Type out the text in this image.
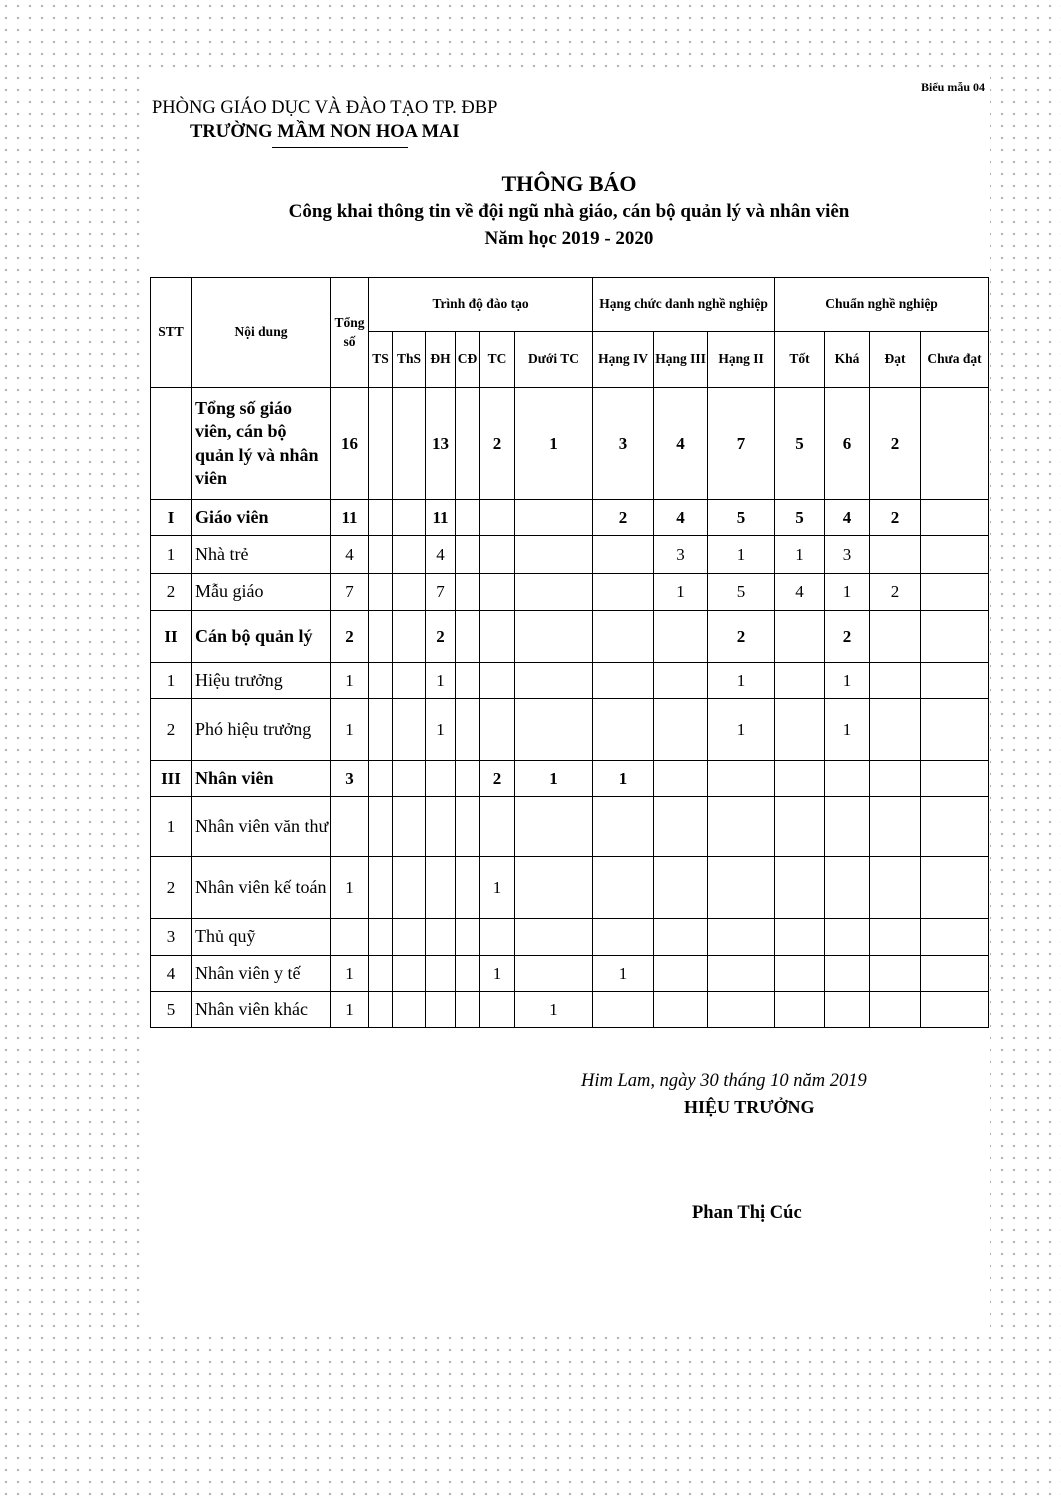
Biểu mẫu 04
PHÒNG GIÁO DỤC VÀ ĐÀO TẠO TP. ĐBP
TRƯỜNG MẦM NON HOA MAI
THÔNG BÁO
Công khai thông tin về đội ngũ nhà giáo, cán bộ quản lý và nhân viên
Năm học 2019 - 2020
STT	Nội dung	Tổng số	Trình độ đào tạo						Hạng chức danh nghề nghiệp			Chuẩn nghề nghiệp			
			TS	ThS	ĐH	CĐ	TC	Dưới TC	Hạng IV	Hạng III	Hạng II	Tốt	Khá	Đạt	Chưa đạt
	Tổng số giáo viên, cán bộ quản lý và nhân viên	16			13		2	1	3	4	7	5	6	2	
I	Giáo viên	11			11				2	4	5	5	4	2	
1	Nhà trẻ	4			4					3	1	1	3		
2	Mẫu giáo	7			7					1	5	4	1	2	
II	Cán bộ quản lý	2			2						2		2		
1	Hiệu trưởng	1			1						1		1		
2	Phó hiệu trưởng	1			1						1		1		
III	Nhân viên	3					2	1	1						
1	Nhân viên văn thư														
2	Nhân viên kế toán	1					1								
3	Thủ quỹ														
4	Nhân viên y tế	1					1		1						
5	Nhân viên khác	1						1							
Him Lam, ngày 30 tháng 10 năm 2019
HIỆU TRƯỞNG
Phan Thị Cúc
